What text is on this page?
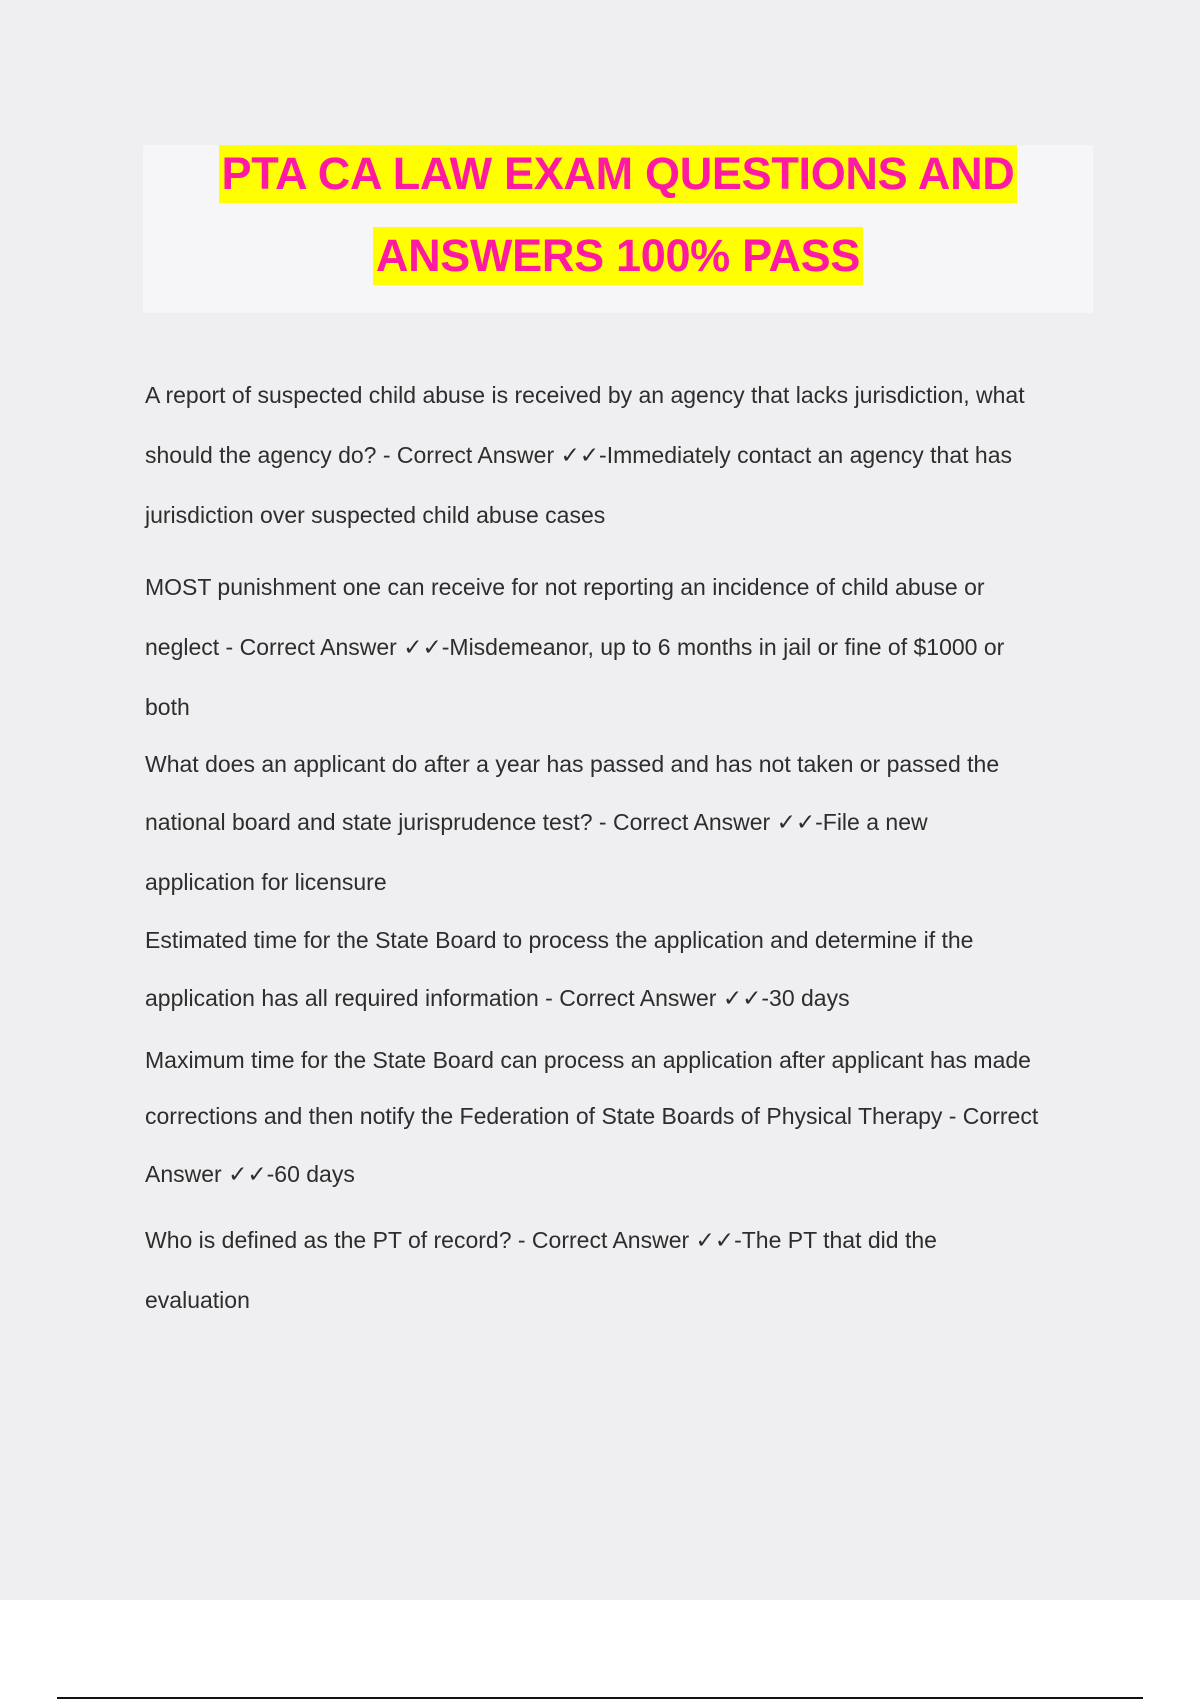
PTA CA LAW EXAM QUESTIONS AND
ANSWERS 100% PASS
A report of suspected child abuse is received by an agency that lacks jurisdiction, what
should the agency do? - Correct Answer ✓✓-Immediately contact an agency that has
jurisdiction over suspected child abuse cases
MOST punishment one can receive for not reporting an incidence of child abuse or
neglect - Correct Answer ✓✓-Misdemeanor, up to 6 months in jail or fine of $1000 or
both
What does an applicant do after a year has passed and has not taken or passed the
national board and state jurisprudence test? - Correct Answer ✓✓-File a new
application for licensure
Estimated time for the State Board to process the application and determine if the
application has all required information - Correct Answer ✓✓-30 days
Maximum time for the State Board can process an application after applicant has made
corrections and then notify the Federation of State Boards of Physical Therapy - Correct
Answer ✓✓-60 days
Who is defined as the PT of record? - Correct Answer ✓✓-The PT that did the
evaluation
